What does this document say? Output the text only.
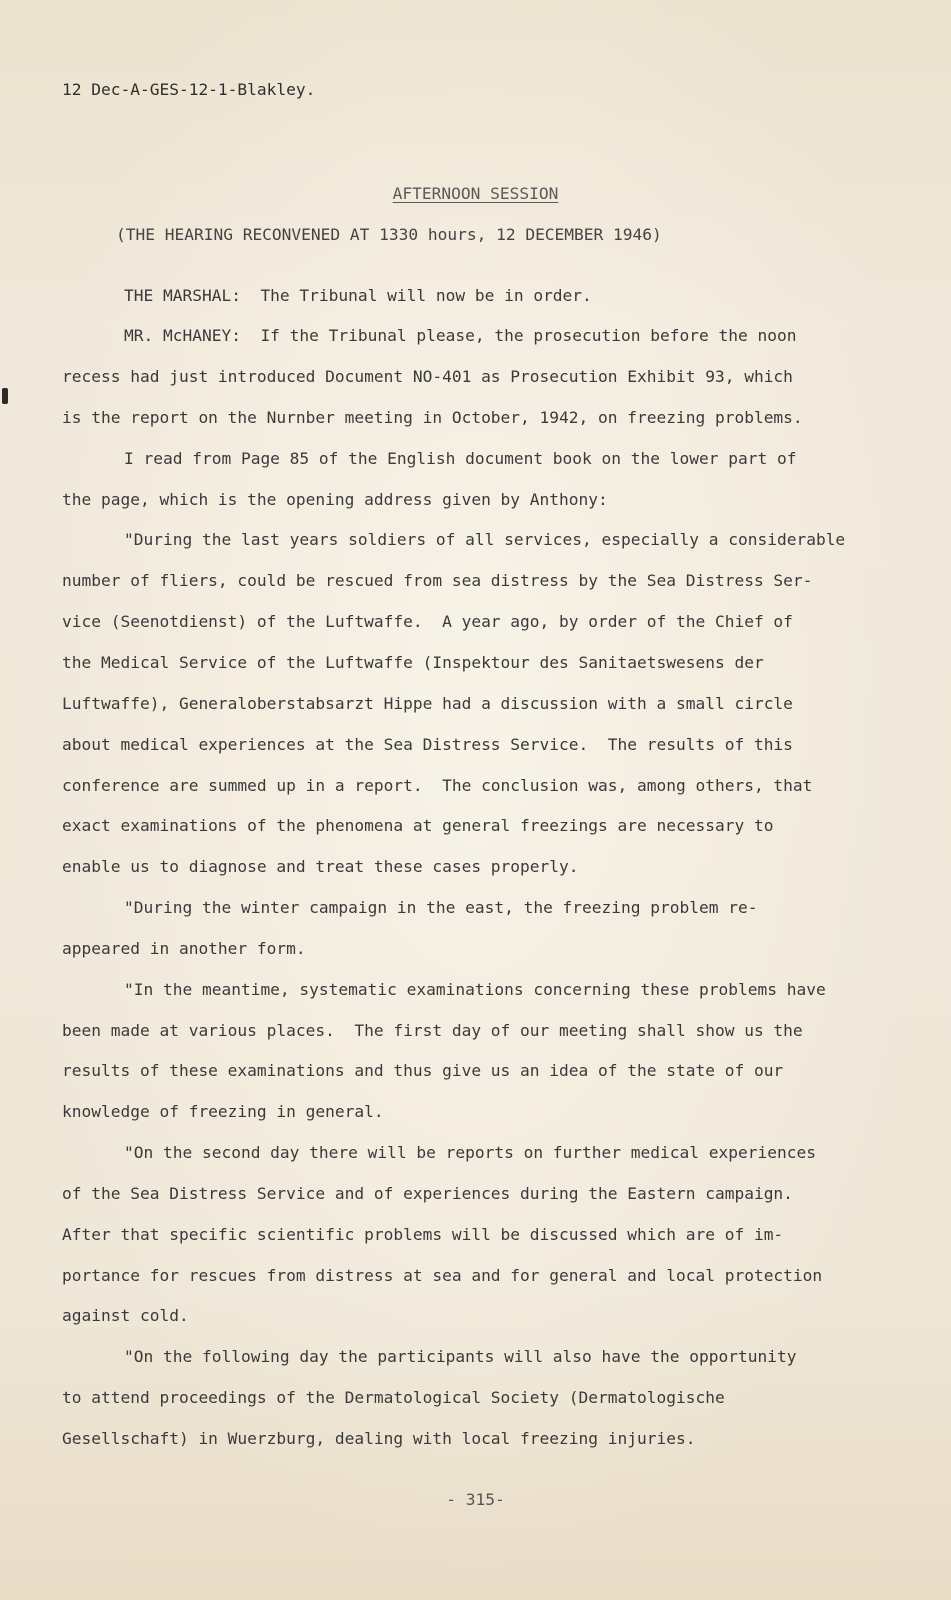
12 Dec-A-GES-12-1-Blakley.
AFTERNOON SESSION
(THE HEARING RECONVENED AT 1330 hours, 12 DECEMBER 1946)
THE MARSHAL:  The Tribunal will now be in order.
MR. McHANEY:  If the Tribunal please, the prosecution before the noon
recess had just introduced Document NO-401 as Prosecution Exhibit 93, which
is the report on the Nurnber meeting in October, 1942, on freezing problems.
I read from Page 85 of the English document book on the lower part of
the page, which is the opening address given by Anthony:
"During the last years soldiers of all services, especially a considerable
number of fliers, could be rescued from sea distress by the Sea Distress Ser-
vice (Seenotdienst) of the Luftwaffe.  A year ago, by order of the Chief of
the Medical Service of the Luftwaffe (Inspektour des Sanitaetswesens der
Luftwaffe), Generaloberstabsarzt Hippe had a discussion with a small circle
about medical experiences at the Sea Distress Service.  The results of this
conference are summed up in a report.  The conclusion was, among others, that
exact examinations of the phenomena at general freezings are necessary to
enable us to diagnose and treat these cases properly.
"During the winter campaign in the east, the freezing problem re-
appeared in another form.
"In the meantime, systematic examinations concerning these problems have
been made at various places.  The first day of our meeting shall show us the
results of these examinations and thus give us an idea of the state of our
knowledge of freezing in general.
"On the second day there will be reports on further medical experiences
of the Sea Distress Service and of experiences during the Eastern campaign.
After that specific scientific problems will be discussed which are of im-
portance for rescues from distress at sea and for general and local protection
against cold.
"On the following day the participants will also have the opportunity
to attend proceedings of the Dermatological Society (Dermatologische
Gesellschaft) in Wuerzburg, dealing with local freezing injuries.
- 315-
